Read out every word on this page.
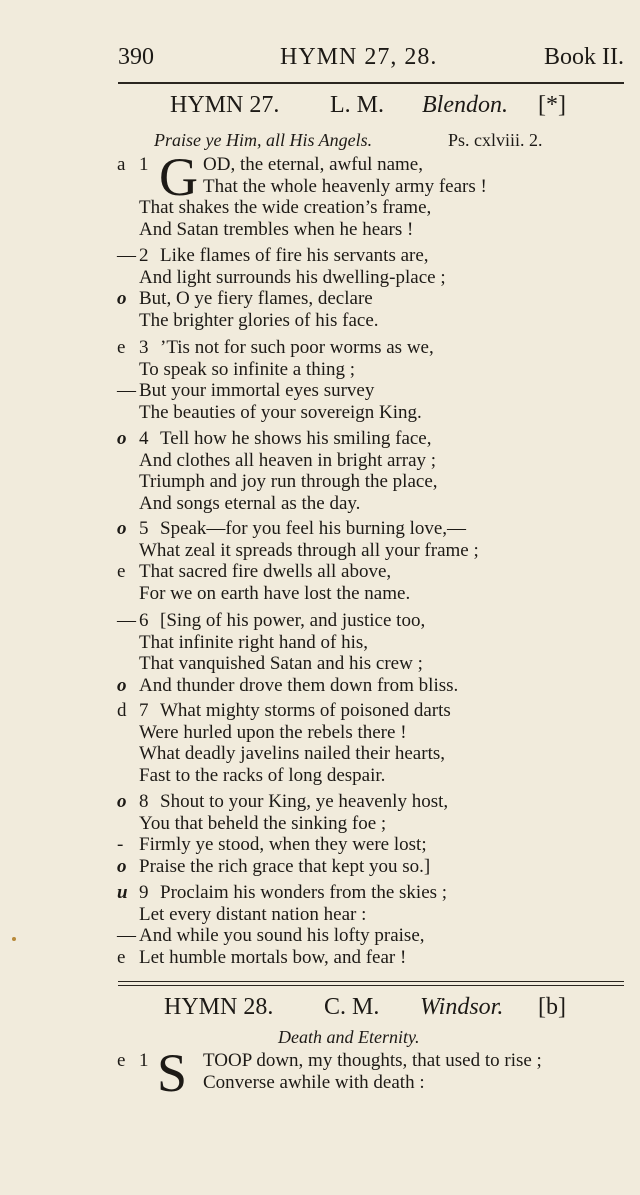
390	HYMN 27, 28.	Book II.
HYMN 27. L. M. Blendon. [*]
Praise ye Him, all His Angels.	Ps. cxlviii. 2.
G
a 1	OD, the eternal, awful name,
That the whole heavenly army fears !
That shakes the wide creation’s frame,
And Satan trembles when he hears !
— 2 Like flames of fire his servants are,
And light surrounds his dwelling-place ;
o But, O ye fiery flames, declare
The brighter glories of his face.
e 3 ’Tis not for such poor worms as we,
To speak so infinite a thing ;
— But your immortal eyes survey
The beauties of your sovereign King.
o 4 Tell how he shows his smiling face,
And clothes all heaven in bright array ;
Triumph and joy run through the place,
And songs eternal as the day.
o 5 Speak—for you feel his burning love,—
What zeal it spreads through all your frame ;
e That sacred fire dwells all above,
For we on earth have lost the name.
— 6 [Sing of his power, and justice too,
That infinite right hand of his,
That vanquished Satan and his crew ;
o And thunder drove them down from bliss.
d 7 What mighty storms of poisoned darts
Were hurled upon the rebels there !
What deadly javelins nailed their hearts,
Fast to the racks of long despair.
o 8 Shout to your King, ye heavenly host,
You that beheld the sinking foe ;
- Firmly ye stood, when they were lost;
o Praise the rich grace that kept you so.]
u 9 Proclaim his wonders from the skies ;
Let every distant nation hear :
— And while you sound his lofty praise,
e Let humble mortals bow, and fear !
HYMN 28. C. M. Windsor. [b]
Death and Eternity.
S
e 1	TOOP down, my thoughts, that used to rise ;
Converse awhile with death :
